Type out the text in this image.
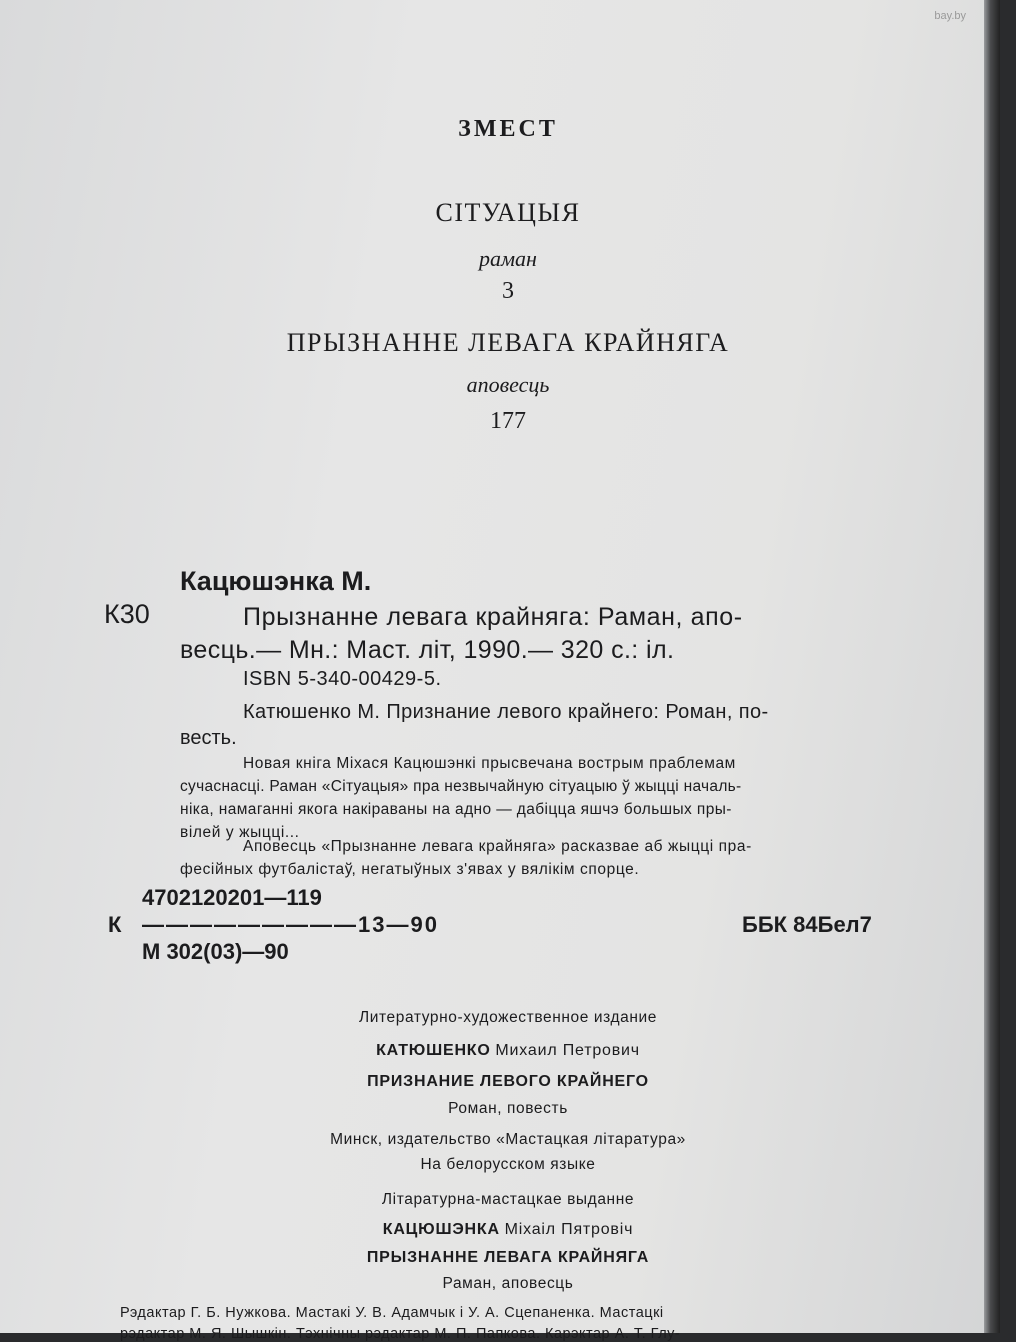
bay.by
ЗМЕСТ
СІТУАЦЫЯ
раман
3
ПРЫЗНАННЕ ЛЕВАГА КРАЙНЯГА
аповесць
177
Кацюшэнка М.
К30	Прызнанне левага крайняга: Раман, апо-
весць.— Мн.: Маст. літ, 1990.— 320 с.: іл.
ISBN 5-340-00429-5.
Катюшенко М. Признание левого крайнего: Роман, по-
весть.
Новая кніга Міхася Кацюшэнкі прысвечана вострым праблемам
сучаснасці. Раман «Сітуацыя» пра незвычайную сітуацыю ў жыцці началь-
ніка, намаганні якога накіраваны на адно — дабіцца яшчэ большых пры-
вілей у жыцці...
Аповесць «Прызнанне левага крайняга» расказвае аб жыцці пра-
фесійных футбалістаў, негатыўных з'явах у вялікім спорце.
4702120201—119
К —————————13—90
М 302(03)—90
ББК 84Бел7
Литературно-художественное издание
КАТЮШЕНКО Михаил Петрович
ПРИЗНАНИЕ ЛЕВОГО КРАЙНЕГО
Роман, повесть
Минск, издательство «Мастацкая літаратура»
На белорусском языке
Літаратурна-мастацкае выданне
КАЦЮШЭНКА Міхаіл Пятровіч
ПРЫЗНАННЕ ЛЕВАГА КРАЙНЯГА
Раман, аповесць
Рэдактар Г. Б. Нужкова. Мастакі У. В. Адамчык і У. А. Сцепаненка. Мастацкі
рэдактар М. Я. Шышкін. Тэхнічны рэдактар М. П. Папкова. Карэктар А. Т. Глу-
